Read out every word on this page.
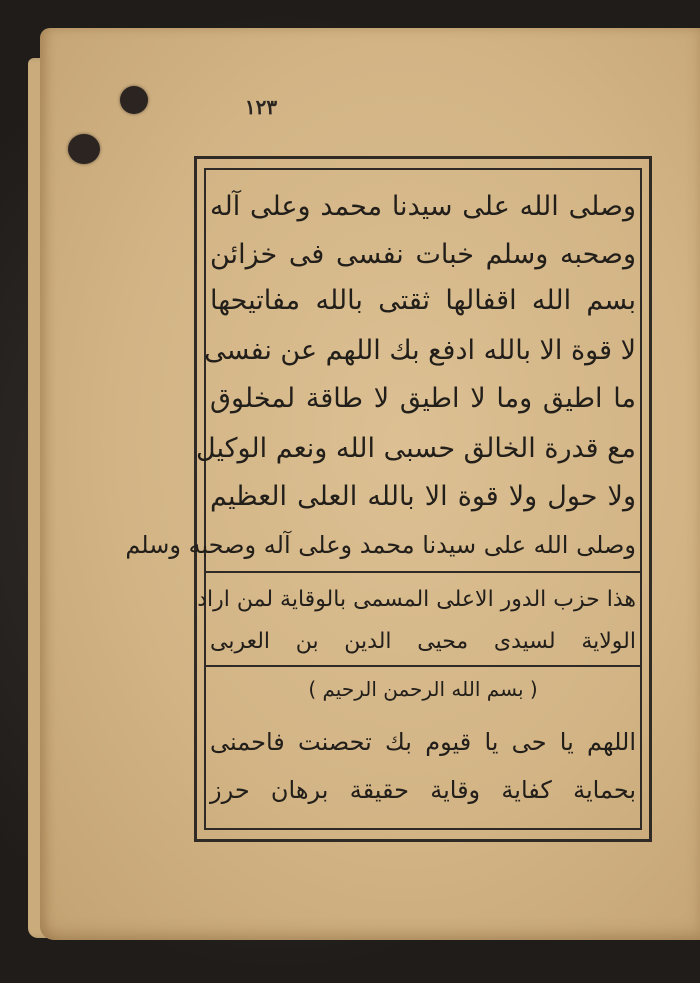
١٢٣
وصلى الله على سيدنا محمد وعلى آله
وصحبه وسلم خبات نفسى فى خزائن
بسم الله اقفالها ثقتى بالله مفاتيحها
لا قوة الا بالله ادفع بك اللهم عن نفسى
ما اطيق وما لا اطيق لا طاقة لمخلوق
مع قدرة الخالق حسبى الله ونعم الوكيل
ولا حول ولا قوة الا بالله العلى العظيم
وصلى الله على سيدنا محمد وعلى آله وصحبه وسلم
هذا حزب الدور الاعلى المسمى بالوقاية لمن اراد
الولاية لسيدى محيى الدين بن العربى
( بسم الله الرحمن الرحيم )
اللهم يا حى يا قيوم بك تحصنت فاحمنى
بحماية كفاية وقاية حقيقة برهان حرز
